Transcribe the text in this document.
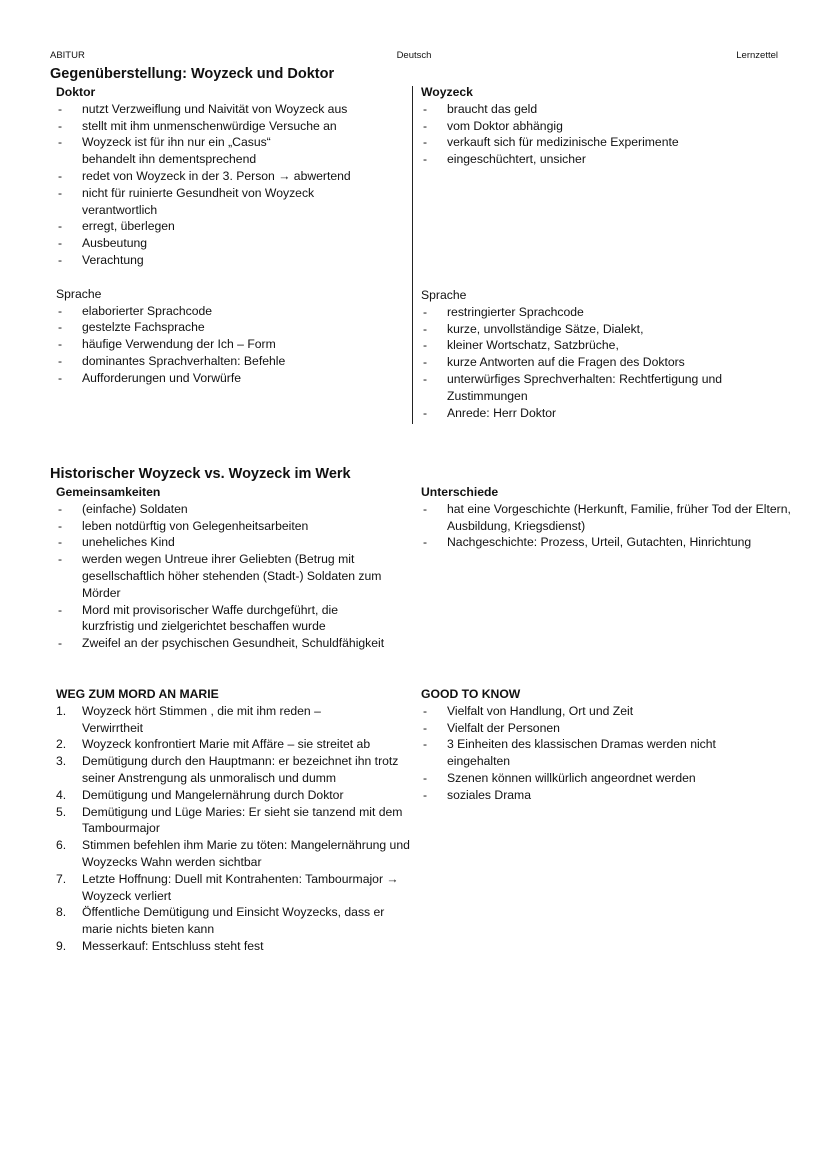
ABITUR	Deutsch	Lernzettel
Gegenüberstellung: Woyzeck und Doktor
Doktor
- nutzt Verzweiflung und Naivität von Woyzeck aus
- stellt mit ihm unmenschenwürdige Versuche an
- Woyzeck ist für ihn nur ein „Casus“ behandelt ihn dementsprechend
- redet von Woyzeck in der 3. Person → abwertend
- nicht für ruinierte Gesundheit von Woyzeck verantwortlich
- erregt, überlegen
- Ausbeutung
- Verachtung
Sprache
- elaborierter Sprachcode
- gestelzte Fachsprache
- häufige Verwendung der Ich – Form
- dominantes Sprachverhalten: Befehle
- Aufforderungen und Vorwürfe
Woyzeck
- braucht das geld
- vom Doktor abhängig
- verkauft sich für medizinische Experimente
- eingeschüchtert, unsicher
Sprache
- restringierter Sprachcode
- kurze, unvollständige Sätze, Dialekt,
- kleiner Wortschatz, Satzbrüche,
- kurze Antworten auf die Fragen des Doktors
- unterwürfiges Sprechverhalten: Rechtfertigung und Zustimmungen
- Anrede: Herr Doktor
Historischer Woyzeck vs. Woyzeck im Werk
Gemeinsamkeiten
- (einfache) Soldaten
- leben notdürftig von Gelegenheitsarbeiten
- uneheliches Kind
- werden wegen Untreue ihrer Geliebten (Betrug mit gesellschaftlich höher stehenden (Stadt-) Soldaten zum Mörder
- Mord mit provisorischer Waffe durchgeführt, die kurzfristig und zielgerichtet beschaffen wurde
- Zweifel an der psychischen Gesundheit, Schuldfähigkeit
Unterschiede
- hat eine Vorgeschichte (Herkunft, Familie, früher Tod der Eltern, Ausbildung, Kriegsdienst)
- Nachgeschichte: Prozess, Urteil, Gutachten, Hinrichtung
WEG ZUM MORD AN MARIE
1. Woyzeck hört Stimmen , die mit ihm reden – Verwirrtheit
2. Woyzeck konfrontiert Marie mit Affäre – sie streitet ab
3. Demütigung durch den Hauptmann: er bezeichnet ihn trotz seiner Anstrengung als unmoralisch und dumm
4. Demütigung und Mangelernährung durch Doktor
5. Demütigung und Lüge Maries: Er sieht sie tanzend mit dem Tambourmajor
6. Stimmen befehlen ihm Marie zu töten: Mangelernährung und Woyzecks Wahn werden sichtbar
7. Letzte Hoffnung: Duell mit Kontrahenten: Tambourmajor → Woyzeck verliert
8. Öffentliche Demütigung und Einsicht Woyzecks, dass er marie nichts bieten kann
9. Messerkauf: Entschluss steht fest
GOOD TO KNOW
- Vielfalt von Handlung, Ort und Zeit
- Vielfalt der Personen
- 3 Einheiten des klassischen Dramas werden nicht eingehalten
- Szenen können willkürlich angeordnet werden
- soziales Drama
